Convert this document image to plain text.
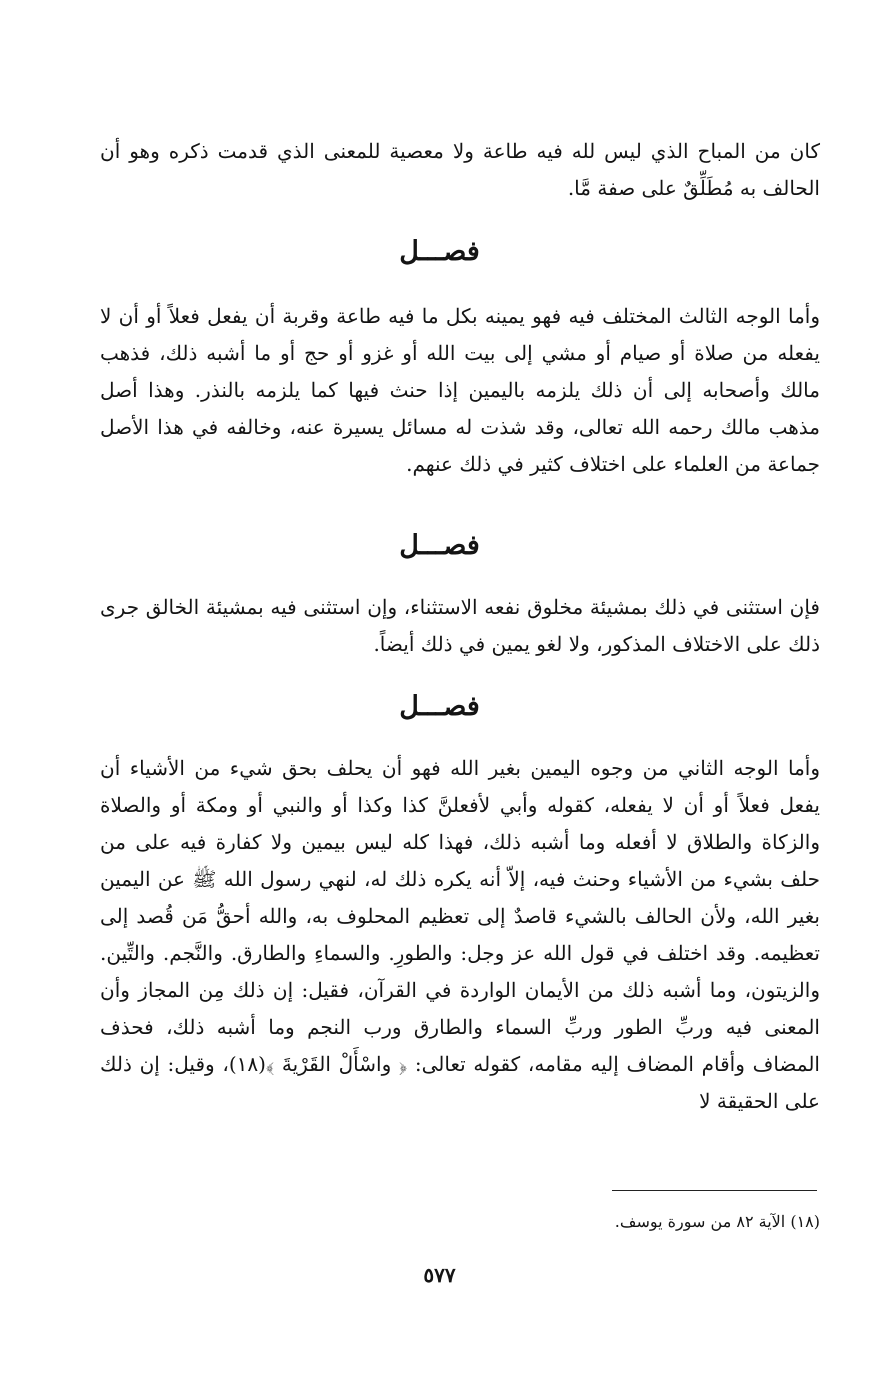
كان من المباح الذي ليس لله فيه طاعة ولا معصية للمعنى الذي قدمت ذكره وهو أن الحالف به مُطَلِّقٌ على صفة مَّا.

فصـــل

وأما الوجه الثالث المختلف فيه فهو يمينه بكل ما فيه طاعة وقربة أن يفعل فعلاً أو أن لا يفعله من صلاة أو صيام أو مشي إلى بيت الله أو غزو أو حج أو ما أشبه ذلك، فذهب مالك وأصحابه إلى أن ذلك يلزمه باليمين إذا حنث فيها كما يلزمه بالنذر. وهذا أصل مذهب مالك رحمه الله تعالى، وقد شذت له مسائل يسيرة عنه، وخالفه في هذا الأصل جماعة من العلماء على اختلاف كثير في ذلك عنهم.

فصـــل

فإن استثنى في ذلك بمشيئة مخلوق نفعه الاستثناء، وإن استثنى فيه بمشيئة الخالق جرى ذلك على الاختلاف المذكور، ولا لغو يمين في ذلك أيضاً.

فصـــل

وأما الوجه الثاني من وجوه اليمين بغير الله فهو أن يحلف بحق شيء من الأشياء أن يفعل فعلاً أو أن لا يفعله، كقوله وأبي لأفعلنَّ كذا وكذا أو والنبي أو ومكة أو والصلاة والزكاة والطلاق لا أفعله وما أشبه ذلك، فهذا كله ليس بيمين ولا كفارة فيه على من حلف بشيء من الأشياء وحنث فيه، إلاّ أنه يكره ذلك له، لنهي رسول الله ﷺ عن اليمين بغير الله، ولأن الحالف بالشيء قاصدٌ إلى تعظيم المحلوف به، والله أحقُّ مَن قُصد إلى تعظيمه. وقد اختلف في قول الله عز وجل: والطورِ. والسماءِ والطارق. والنَّجم. والتِّين. والزيتون، وما أشبه ذلك من الأيمان الواردة في القرآن، فقيل: إن ذلك مِن المجاز وأن المعنى فيه وربِّ الطور وربِّ السماء والطارق ورب النجم وما أشبه ذلك، فحذف المضاف وأقام المضاف إليه مقامه، كقوله تعالى: ﴿ واسْأَلْ القَرْيةَ ﴾(١٨)، وقيل: إن ذلك على الحقيقة لا

(١٨) الآية ٨٢ من سورة يوسف.

٥٧٧
